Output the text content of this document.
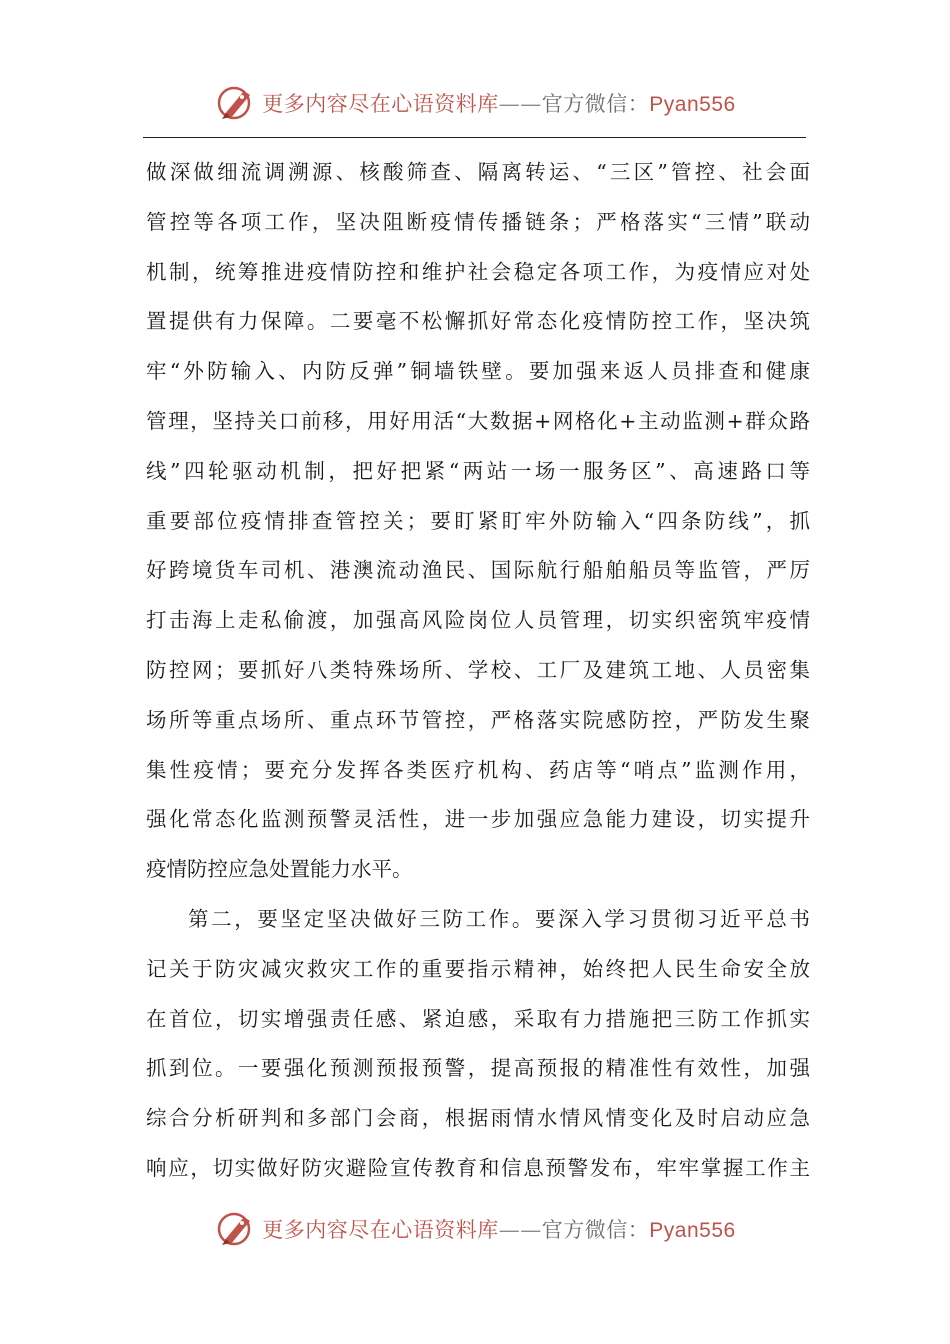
更多内容尽在心语资料库——官方微信：Pyan556
做深做细流调溯源、核酸筛查、隔离转运、“三区”管控、社会面
管控等各项工作，坚决阻断疫情传播链条；严格落实“三情”联动
机制，统筹推进疫情防控和维护社会稳定各项工作，为疫情应对处
置提供有力保障。二要毫不松懈抓好常态化疫情防控工作，坚决筑
牢“外防输入、内防反弹”铜墙铁壁。要加强来返人员排查和健康
管理，坚持关口前移，用好用活“大数据+网格化+主动监测+群众路
线”四轮驱动机制，把好把紧“两站一场一服务区”、高速路口等
重要部位疫情排查管控关；要盯紧盯牢外防输入“四条防线”，抓
好跨境货车司机、港澳流动渔民、国际航行船舶船员等监管，严厉
打击海上走私偷渡，加强高风险岗位人员管理，切实织密筑牢疫情
防控网；要抓好八类特殊场所、学校、工厂及建筑工地、人员密集
场所等重点场所、重点环节管控，严格落实院感防控，严防发生聚
集性疫情；要充分发挥各类医疗机构、药店等“哨点”监测作用，
强化常态化监测预警灵活性，进一步加强应急能力建设，切实提升
疫情防控应急处置能力水平。
第二，要坚定坚决做好三防工作。要深入学习贯彻习近平总书
记关于防灾减灾救灾工作的重要指示精神，始终把人民生命安全放
在首位，切实增强责任感、紧迫感，采取有力措施把三防工作抓实
抓到位。一要强化预测预报预警，提高预报的精准性有效性，加强
综合分析研判和多部门会商，根据雨情水情风情变化及时启动应急
响应，切实做好防灾避险宣传教育和信息预警发布，牢牢掌握工作主
更多内容尽在心语资料库——官方微信：Pyan556
